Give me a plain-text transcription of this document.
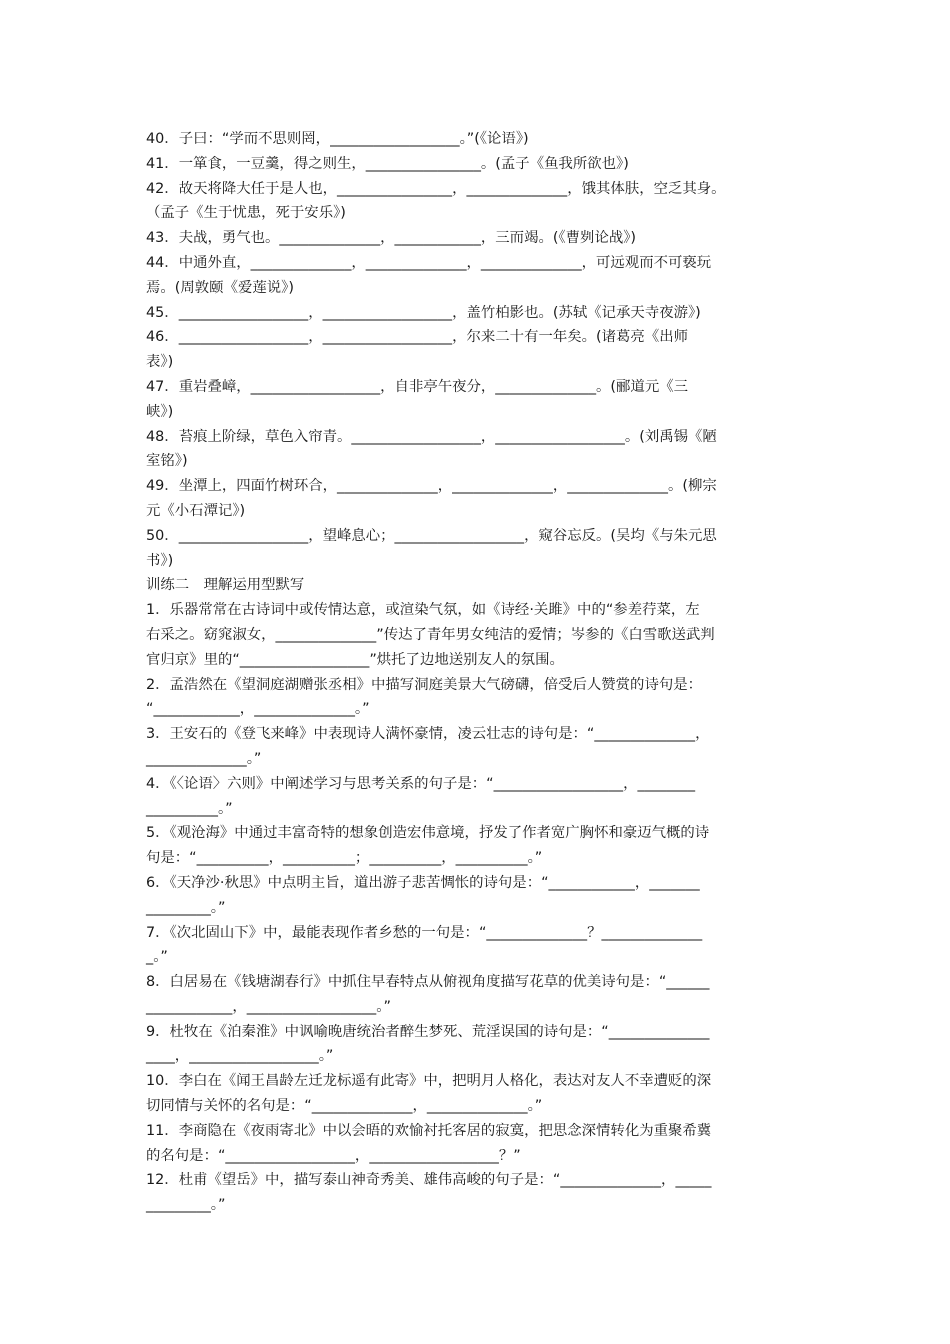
40．子曰：“学而不思则罔，__________________。”(《论语》)
41．一箪食，一豆羹，得之则生，________________。(孟子《鱼我所欲也》)
42．故天将降大任于是人也，________________，______________，饿其体肤，空乏其身。
（孟子《生于忧患，死于安乐》)
43．夫战，勇气也。______________，____________，三而竭。(《曹刿论战》)
44．中通外直，______________，______________，______________，可远观而不可亵玩
焉。(周敦颐《爱莲说》)
45．__________________，__________________，盖竹柏影也。(苏轼《记承天寺夜游》)
46．__________________，__________________，尔来二十有一年矣。(诸葛亮《出师
表》)
47．重岩叠嶂，__________________，自非亭午夜分，______________。(郦道元《三
峡》)
48．苔痕上阶绿，草色入帘青。__________________，__________________。(刘禹锡《陋
室铭》)
49．坐潭上，四面竹树环合，______________，______________，______________。(柳宗
元《小石潭记》)
50．__________________，望峰息心；__________________，窥谷忘反。(吴均《与朱元思
书》)
训练二　理解运用型默写
1．乐器常常在古诗词中或传情达意，或渲染气氛，如《诗经·关雎》中的“参差荇菜，左
右采之。窈窕淑女，______________”传达了青年男女纯洁的爱情；岑参的《白雪歌送武判
官归京》里的“__________________”烘托了边地送别友人的氛围。
2．孟浩然在《望洞庭湖赠张丞相》中描写洞庭美景大气磅礴，倍受后人赞赏的诗句是：
“____________，______________。”
3．王安石的《登飞来峰》中表现诗人满怀豪情，凌云壮志的诗句是：“______________，
______________。”
4．《〈论语〉六则》中阐述学习与思考关系的句子是：“__________________，________
__________。”
5．《观沧海》中通过丰富奇特的想象创造宏伟意境，抒发了作者宽广胸怀和豪迈气概的诗
句是：“__________，__________；__________，__________。”
6．《天净沙·秋思》中点明主旨，道出游子悲苦惆怅的诗句是：“____________，_______
_________。”
7．《次北固山下》中，最能表现作者乡愁的一句是：“______________？______________
_。”
8．白居易在《钱塘湖春行》中抓住早春特点从俯视角度描写花草的优美诗句是：“______
____________，__________________。”
9．杜牧在《泊秦淮》中讽喻晚唐统治者醉生梦死、荒淫误国的诗句是：“______________
____，__________________。”
10．李白在《闻王昌龄左迁龙标遥有此寄》中，把明月人格化，表达对友人不幸遭贬的深
切同情与关怀的名句是：“______________，______________。”
11．李商隐在《夜雨寄北》中以会晤的欢愉衬托客居的寂寞，把思念深情转化为重聚希冀
的名句是：“__________________，__________________？”
12．杜甫《望岳》中，描写泰山神奇秀美、雄伟高峻的句子是：“______________，_____
_________。”
